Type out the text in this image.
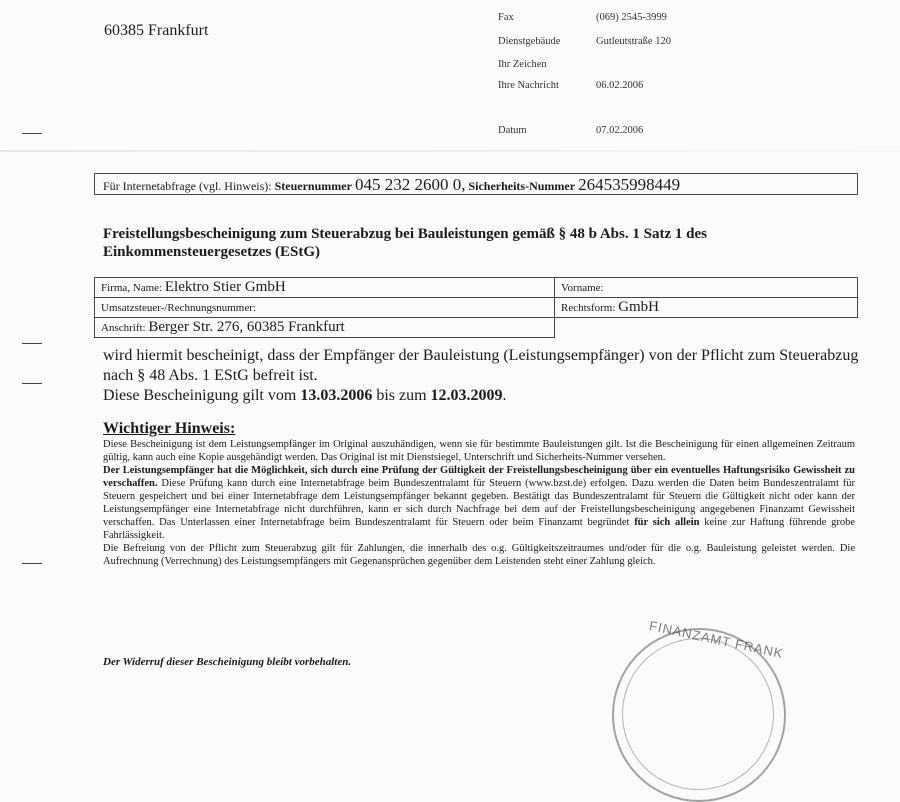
60385 Frankfurt
Fax	(069) 2545-3999
Dienstgebäude	Gutleutstraße 120
Ihr Zeichen
Ihre Nachricht	06.02.2006
Datum	07.02.2006
Für Internetabfrage (vgl. Hinweis): Steuernummer 045 232 2600 0, Sicherheits-Nummer 264535998449
Freistellungsbescheinigung zum Steuerabzug bei Bauleistungen gemäß § 48 b Abs. 1 Satz 1 des Einkommensteuergesetzes (EStG)
Firma, Name: Elektro Stier GmbH	Vorname:
Umsatzsteuer-/Rechnungsnummer:	Rechtsform: GmbH
Anschrift: Berger Str. 276, 60385 Frankfurt	
wird hiermit bescheinigt, dass der Empfänger der Bauleistung (Leistungsempfänger) von der Pflicht zum Steuerabzug nach § 48 Abs. 1 EStG befreit ist.
Diese Bescheinigung gilt vom 13.03.2006 bis zum 12.03.2009.
Wichtiger Hinweis:

Diese Bescheinigung ist dem Leistungsempfänger im Original auszuhändigen, wenn sie für bestimmte Bauleistungen gilt. Ist die Bescheinigung für einen allgemeinen Zeitraum gültig, kann auch eine Kopie ausgehändigt werden. Das Original ist mit Dienstsiegel, Unterschrift und Sicherheits-Nummer versehen.

Der Leistungsempfänger hat die Möglichkeit, sich durch eine Prüfung der Gültigkeit der Freistellungsbescheinigung über ein eventuelles Haftungsrisiko Gewissheit zu verschaffen. Diese Prüfung kann durch eine Internetabfrage beim Bundeszentralamt für Steuern (www.bzst.de) erfolgen. Dazu werden die Daten beim Bundeszentralamt für Steuern gespeichert und bei einer Internetabfrage dem Leistungsempfänger bekannt gegeben. Bestätigt das Bundeszentralamt für Steuern die Gültigkeit nicht oder kann der Leistungsempfänger eine Internetabfrage nicht durchführen, kann er sich durch Nachfrage bei dem auf der Freistellungsbescheinigung angegebenen Finanzamt Gewissheit verschaffen. Das Unterlassen einer Internetabfrage beim Bundeszentralamt für Steuern oder beim Finanzamt begründet für sich allein keine zur Haftung führende grobe Fahrlässigkeit.

Die Befreiung von der Pflicht zum Steuerabzug gilt für Zahlungen, die innerhalb des o.g. Gültigkeitszeitraumes und/oder für die o.g. Bauleistung geleistet werden. Die Aufrechnung (Verrechnung) des Leistungsempfängers mit Gegenansprüchen gegenüber dem Leistenden steht einer Zahlung gleich.

Der Widerruf dieser Bescheinigung bleibt vorbehalten.
FINANZAMT FRANK
